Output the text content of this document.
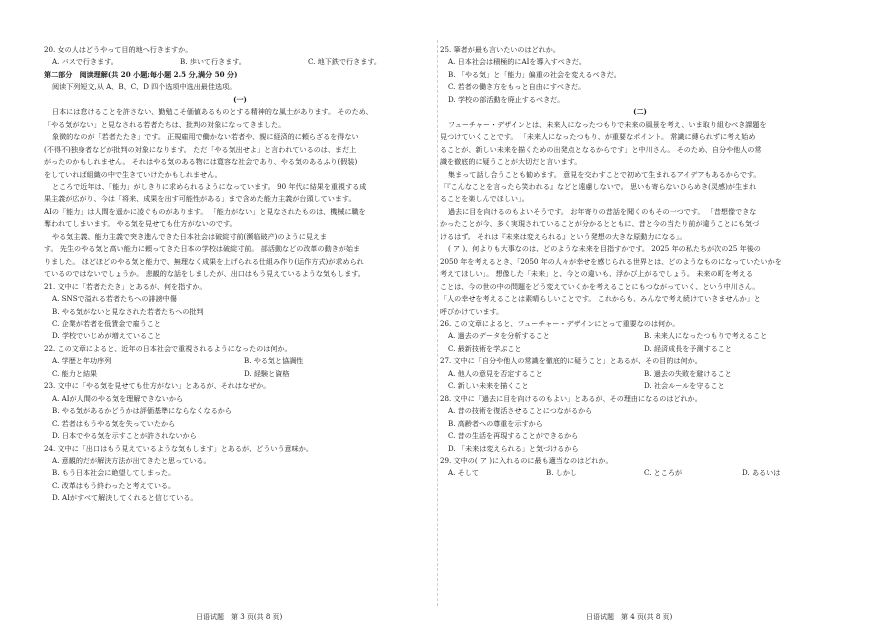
20. 女の人はどうやって目的地へ行きますか。
A. バスで行きます。	B. 歩いて行きます。	C. 地下鉄で行きます。
第二部分　阅读理解(共 20 小题;每小题 2.5 分,满分 50 分)
阅读下列短文,从 A、B、C、D 四个选项中选出最佳选项。
(一)
日本には怠けることを許さない、勤勉こそ価値あるものとする精神的な風土があります。 そのため、
「やる気がない」と見なされる若者たちは、批判の対象になってきました。
象徴的なのが「若者たたき」です。 正規雇用で働かない若者や、親に経済的に頼らざるを得ない
(不得不)独身者などが批判の対象になります。 ただ「やる気出せよ」と言われているのは、まだ上
がったのかもしれません。 それはやる気のある物には寛容な社会であり、やる気のあるふり(假装)
をしていれば組織の中で生きていけたかもしれません。
ところで近年は、「能力」がしきりに求められるようになっています。 90 年代に結果を重視する成
果主義が広がり、今は「将来、成果を出す可能性がある」まで含めた能力主義が台頭しています。
AIの「能力」は人間を遥かに凌ぐものがあります。 「能力がない」と見なされたものは、機械に職を
奪われてしまいます。 やる気を見せても仕方がないのです。
やる気主義、能力主義で突き進んできた日本社会は破綻寸前(濒临破产)のように見えま
す。 先生のやる気と高い能力に頼ってきた日本の学校は破綻寸前。 部活動などの改革の動きが始ま
りました。 ほどほどのやる気と能力で、無理なく成果を上げられる仕組み作り(运作方式)が求められ
ているのではないでしょうか。 悲観的な話をしましたが、出口はもう見えているような気もします。
21. 文中に「若者たたき」とあるが、何を指すか。
A. SNSで溢れる若者たちへの誹謗中傷
B. やる気がないと見なされた若者たちへの批判
C. 企業が若者を低賃金で雇うこと
D. 学校でいじめが増えていること
22. この文章によると、近年の日本社会で重視されるようになったのは何か。
A. 学歴と年功序列	B. やる気と協調性
C. 能力と結果	D. 経験と資格
23. 文中に「やる気を見せても仕方がない」とあるが、それはなぜか。
A. AIが人間のやる気を理解できないから
B. やる気があるかどうかは評価基準にならなくなるから
C. 若者はもうやる気を失っていたから
D. 日本でやる気を示すことが許されないから
24. 文中に「出口はもう見えているような気もします」とあるが、どういう意味か。
A. 意観的だが解決方法が出てきたと思っている。
B. もう日本社会に絶望してしまった。
C. 改革はもう終わったと考えている。
D. AIがすべて解決してくれると信じている。
25. 筆者が最も言いたいのはどれか。
A. 日本社会は積極的にAIを導入すべきだ。
B. 「やる気」と「能力」偏重の社会を変えるべきだ。
C. 若者の働き方をもっと自由にすべきだ。
D. 学校の部活動を廃止するべきだ。
(二)
フューチャー・デザインとは、未来人になったつもりで未来の風景を考え、いま取り組むべき課題を
見つけていくことです。 「未来人になったつもり、が重要なポイント。 常識に縛られずに考え始め
ることが、新しい未来を描くための出発点となるからです」と中川さん。 そのため、自分や他人の常
識を徹底的に疑うことが大切だと言います。
集まって話し合うことも勧めます。 意見を交わすことで初めて生まれるアイデアもあるからです。
「『こんなことを言ったら笑われる』などと遠慮しないで。 思いも寄らないひらめき(灵感)が生まれ
ることを楽しんでほしい」。
過去に目を向けるのもよいそうです。 お年寄りの昔話を聞くのもその一つです。 「昔想像できな
かったことが今、多く実現されていることが分かるとともに、昔と今の当たり前が違うことにも気づ
けるはず。 それは『未来は変えられる』という発想の大きな原動力になる」。
( ア )、何よりも大事なのは、どのような未来を目指すかです。 2025 年の私たちが次の25 年後の
2050 年を考えるとき、「2050 年の人々が幸せを感じられる世界とは、どのようなものになっていたいかを
考えてほしい」。 想像した「未来」と、今との違いも、浮かび上がるでしょう。 未来の町を考える
ことは、今の世の中の問題をどう変えていくかを考えることにもつながっていく、という中川さん。
「人の幸せを考えることは素晴らしいことです。 これからも、みんなで考え続けていきませんか」と
呼びかけています。
26. この文章によると、フューチャー・デザインにとって重要なのは何か。
A. 過去のデータを分析すること	B. 未来人になったつもりで考えること
C. 最新技術を学ぶこと	D. 経済成長を予測すること
27. 文中に「自分や他人の常識を徹底的に疑うこと」とあるが、その目的は何か。
A. 他人の意見を否定すること	B. 過去の失敗を避けること
C. 新しい未来を描くこと	D. 社会ルールを守ること
28. 文中に「過去に目を向けるのもよい」とあるが、その理由になるのはどれか。
A. 昔の技術を復活させることにつながるから
B. 高齢者への尊重を示すから
C. 昔の生活を再現することができるから
D. 「未来は変えられる」と気づけるから
29. 文中の( ア )に入れるのに最も適当なのはどれか。
A. そして	B. しかし	C. ところが	D. あるいは
日语试题　第 3 页(共 8 页)	日语试题　第 4 页(共 8 页)
